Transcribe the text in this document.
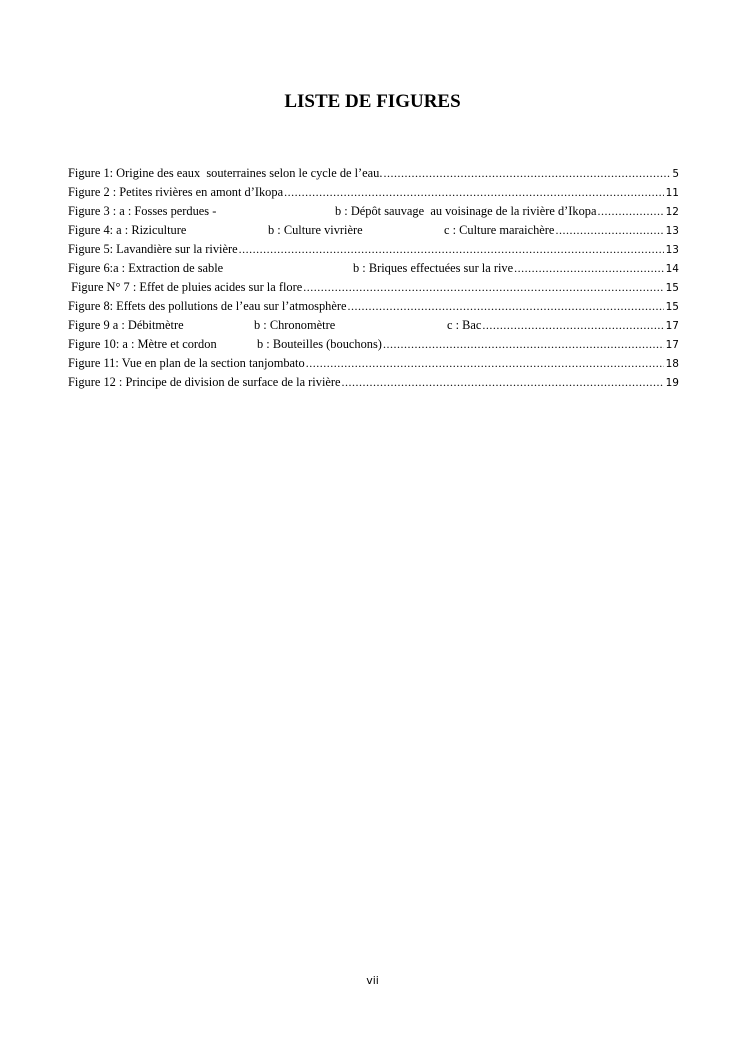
LISTE DE FIGURES
Figure 1: Origine des eaux  souterraines selon le cycle de l’eau. .....	5
Figure 2 : Petites rivières en amont d’Ikopa .....	11
Figure 3 : a : Fosses perdues -	b : Dépôt sauvage  au voisinage de la rivière d’Ikopa .....	12
Figure 4: a : Riziculture	b : Culture vivrière	c : Culture maraichère .....	13
Figure 5: Lavandière sur la rivière .....	13
Figure 6:a : Extraction de sable	b : Briques effectuées sur la rive .....	14
Figure N° 7 : Effet de pluies acides sur la flore .....	15
Figure 8: Effets des pollutions de l’eau sur l’atmosphère .....	15
Figure 9 a : Débitmètre	b : Chronomètre	c : Bac .....	17
Figure 10: a : Mètre et cordon	b : Bouteilles (bouchons) .....	17
Figure 11: Vue en plan de la section tanjombato .....	18
Figure 12 : Principe de division de surface de la rivière .....	19
vii
